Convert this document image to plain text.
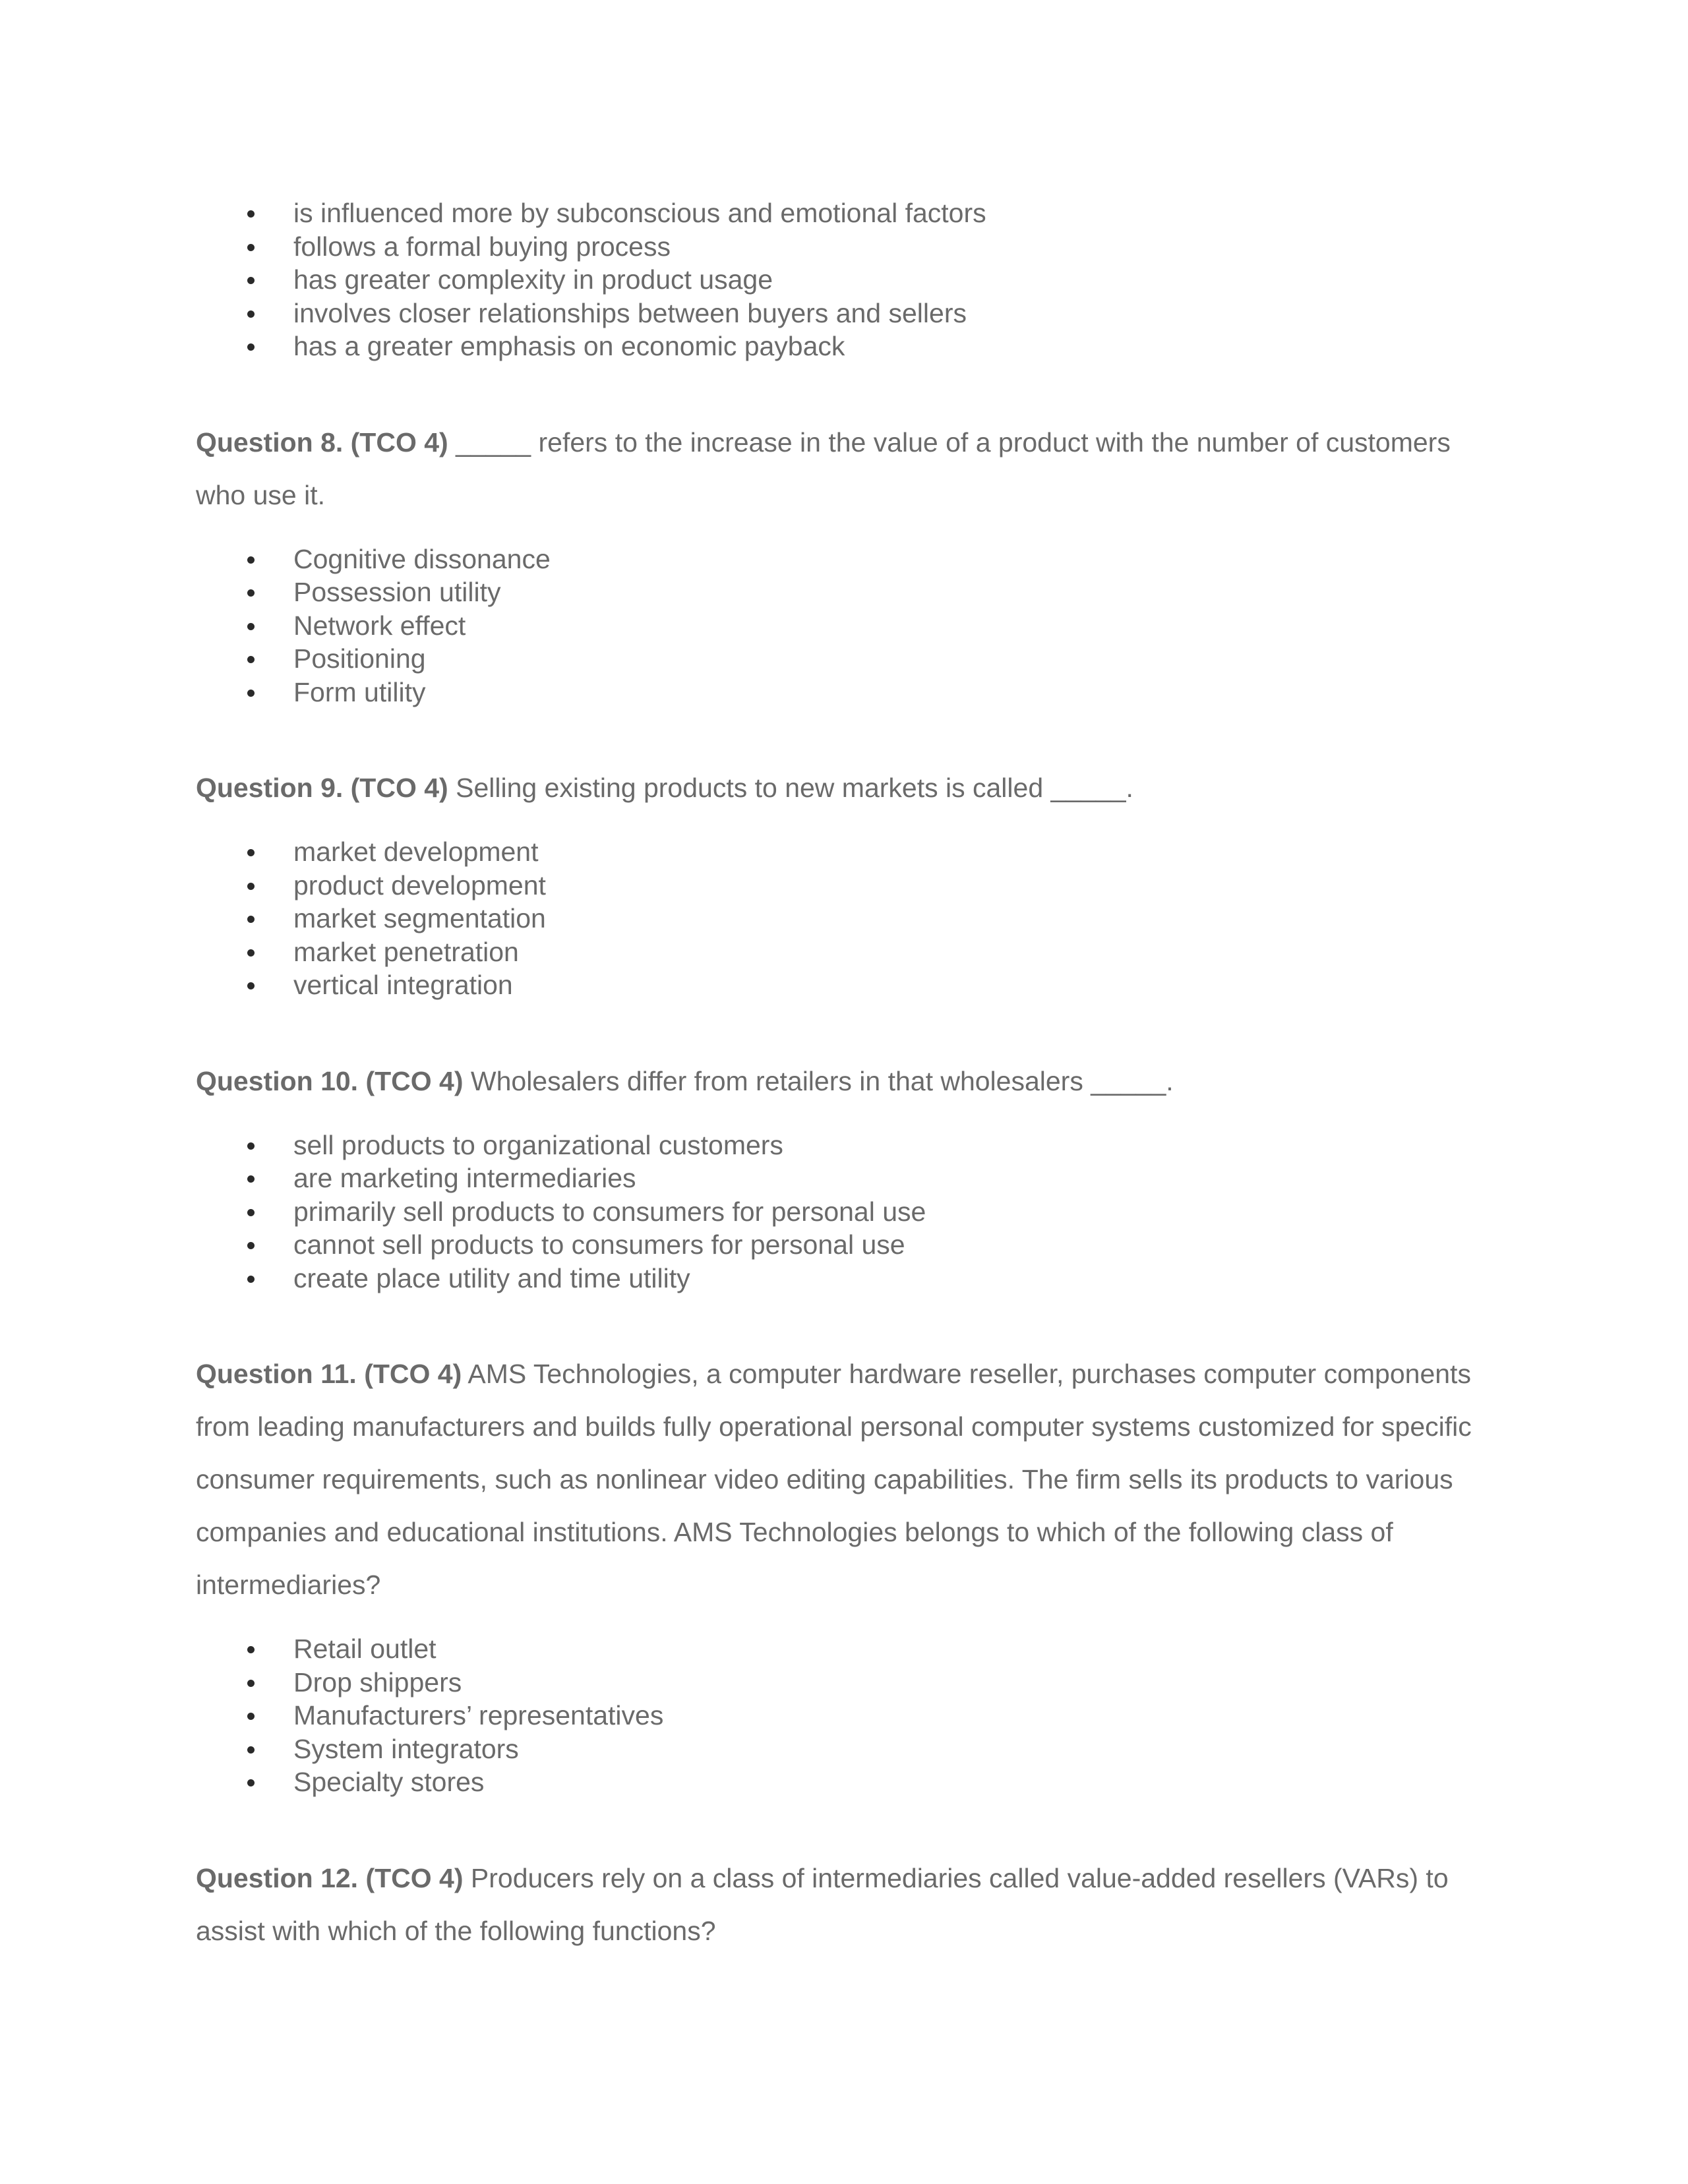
is influenced more by subconscious and emotional factors
follows a formal buying process
has greater complexity in product usage
involves closer relationships between buyers and sellers
has a greater emphasis on economic payback

Question 8. (TCO 4) _____ refers to the increase in the value of a product with the number of customers who use it.

Cognitive dissonance
Possession utility
Network effect
Positioning
Form utility

Question 9. (TCO 4) Selling existing products to new markets is called _____.

market development
product development
market segmentation
market penetration
vertical integration

Question 10. (TCO 4) Wholesalers differ from retailers in that wholesalers _____.

sell products to organizational customers
are marketing intermediaries
primarily sell products to consumers for personal use
cannot sell products to consumers for personal use
create place utility and time utility

Question 11. (TCO 4) AMS Technologies, a computer hardware reseller, purchases computer components from leading manufacturers and builds fully operational personal computer systems customized for specific consumer requirements, such as nonlinear video editing capabilities. The firm sells its products to various companies and educational institutions. AMS Technologies belongs to which of the following class of intermediaries?

Retail outlet
Drop shippers
Manufacturers’ representatives
System integrators
Specialty stores

Question 12. (TCO 4) Producers rely on a class of intermediaries called value-added resellers (VARs) to assist with which of the following functions?
